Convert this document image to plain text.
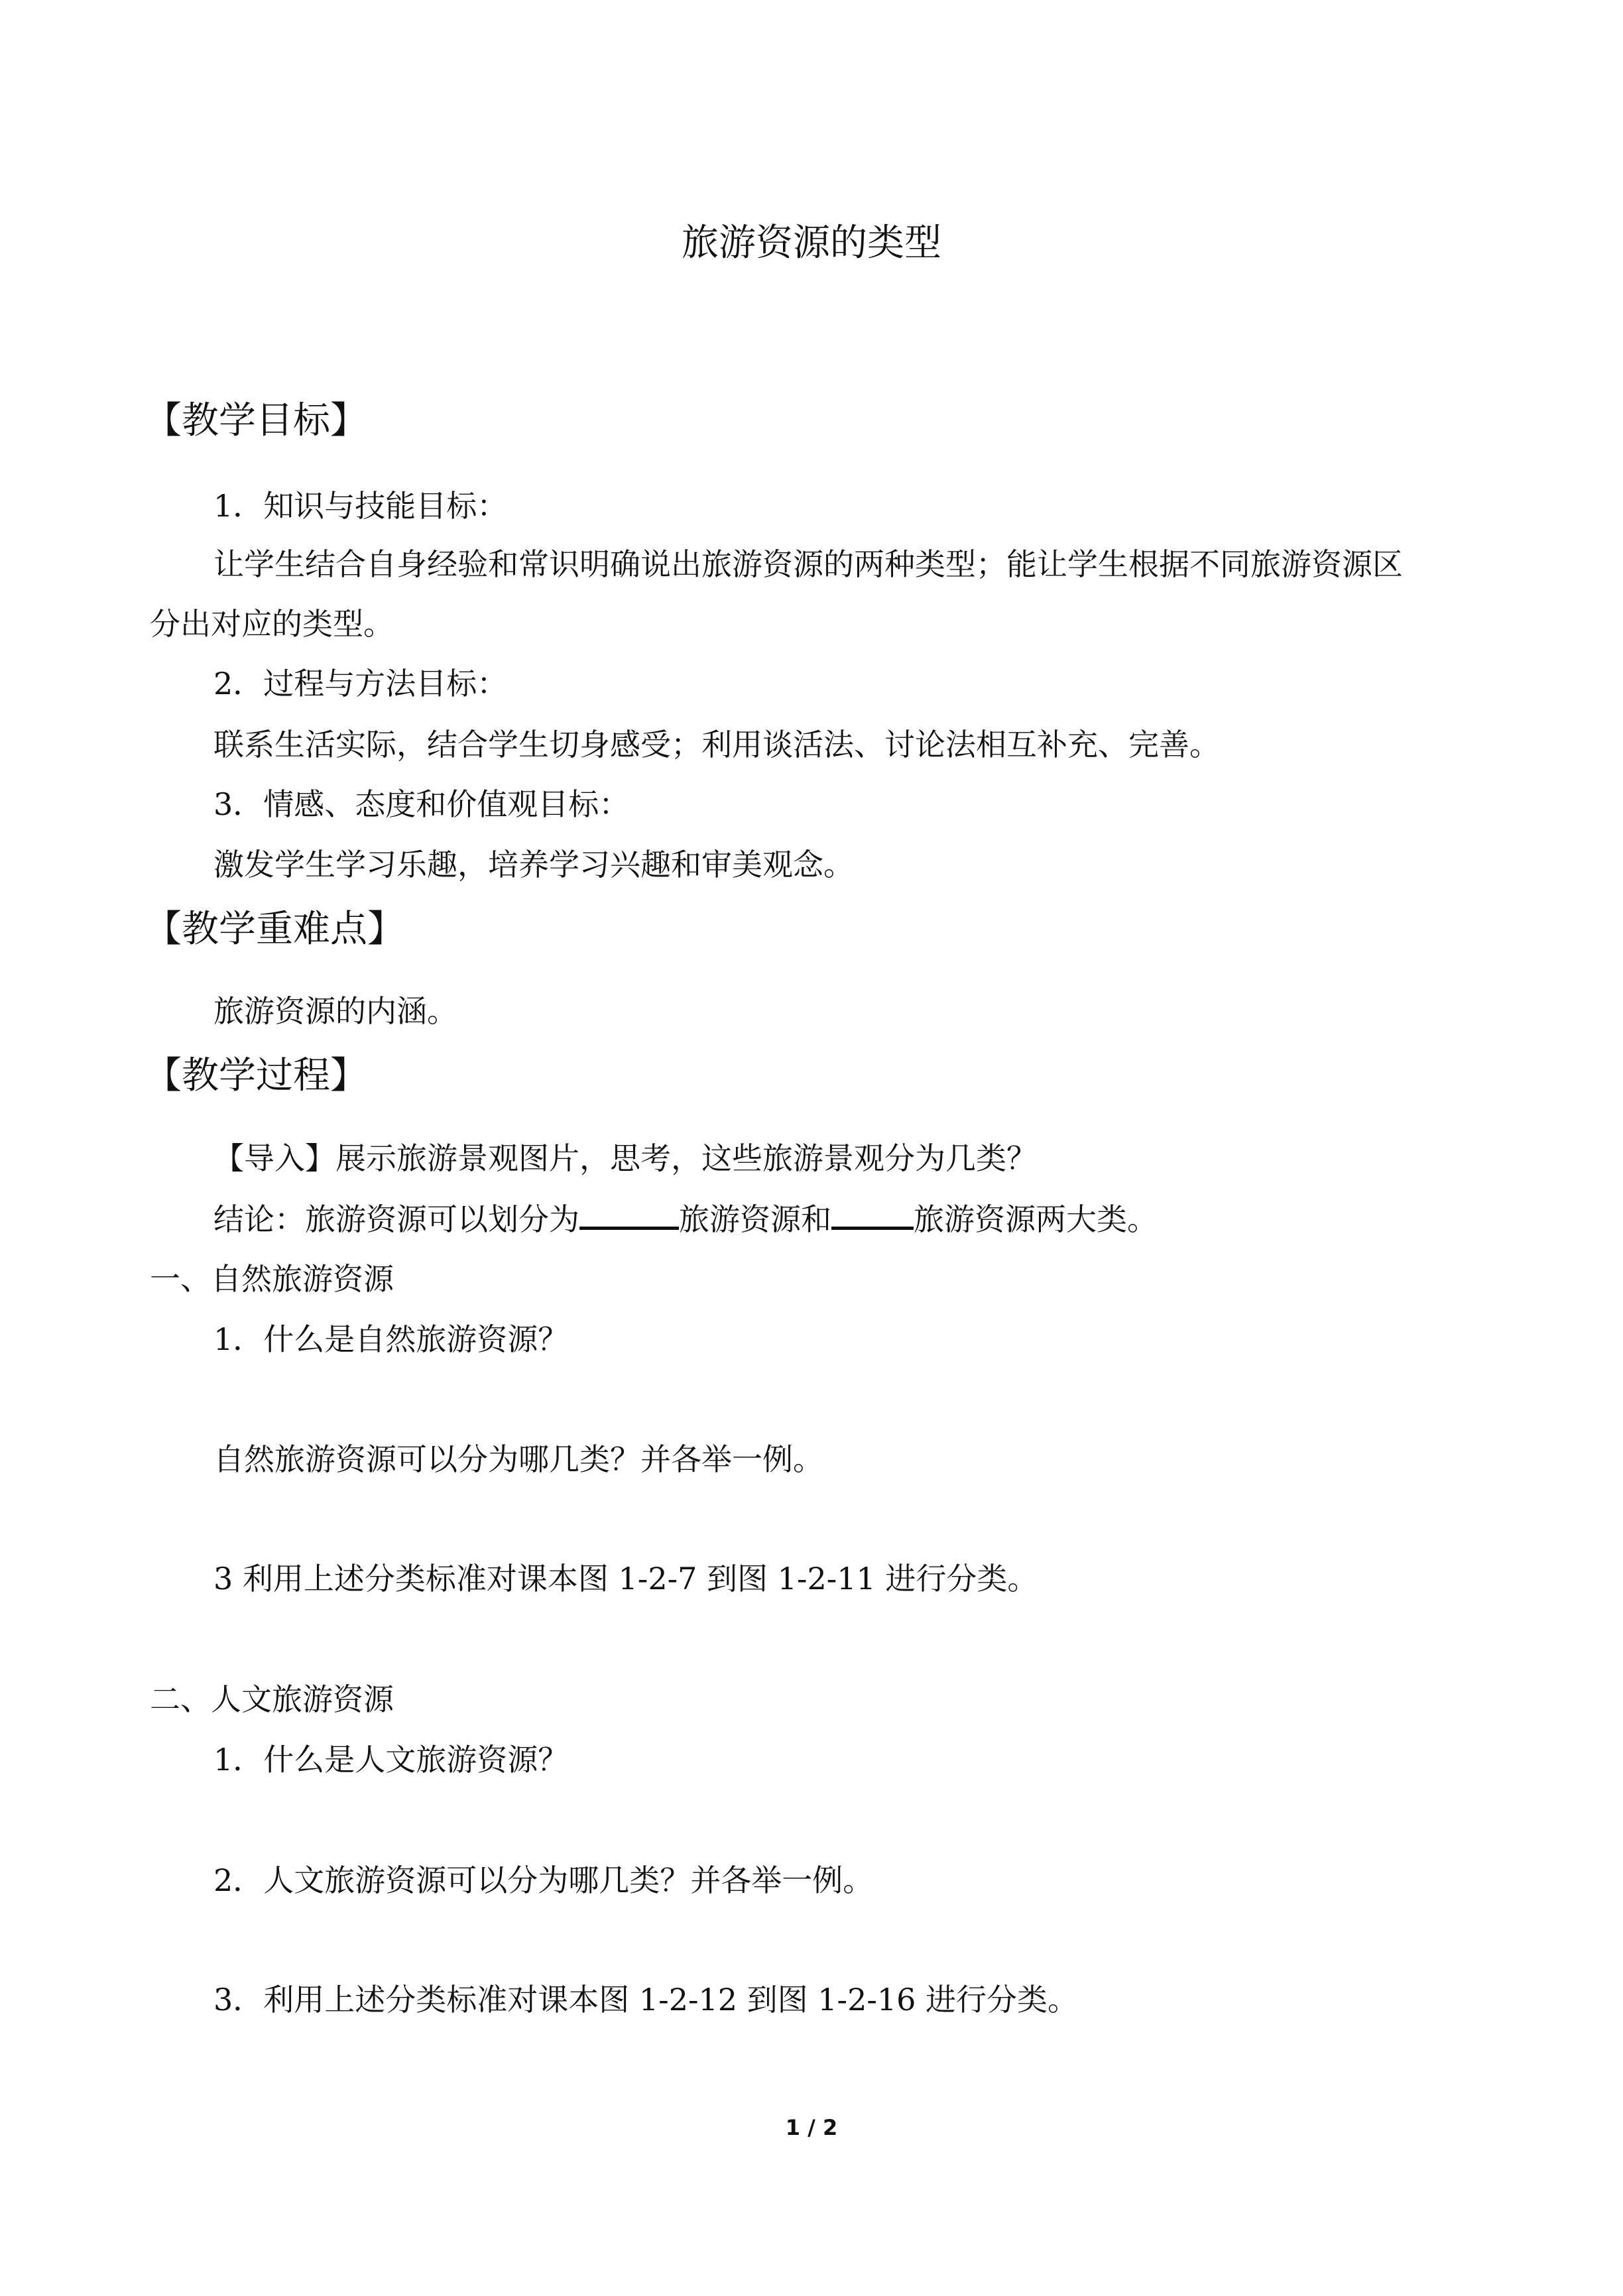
旅游资源的类型

【教学目标】

1．知识与技能目标：

让学生结合自身经验和常识明确说出旅游资源的两种类型；能让学生根据不同旅游资源区

分出对应的类型。

2．过程与方法目标：

联系生活实际，结合学生切身感受；利用谈活法、讨论法相互补充、完善。

3．情感、态度和价值观目标：

激发学生学习乐趣，培养学习兴趣和审美观念。

【教学重难点】

旅游资源的内涵。

【教学过程】

【导入】展示旅游景观图片，思考，这些旅游景观分为几类？

结论：旅游资源可以划分为	旅游资源和	旅游资源两大类。

一、自然旅游资源

1．什么是自然旅游资源？

自然旅游资源可以分为哪几类？并各举一例。

3 利用上述分类标准对课本图 1-2-7 到图 1-2-11 进行分类。

二、人文旅游资源

1．什么是人文旅游资源？

2．人文旅游资源可以分为哪几类？并各举一例。

3．利用上述分类标准对课本图 1-2-12 到图 1-2-16 进行分类。

1 / 2
